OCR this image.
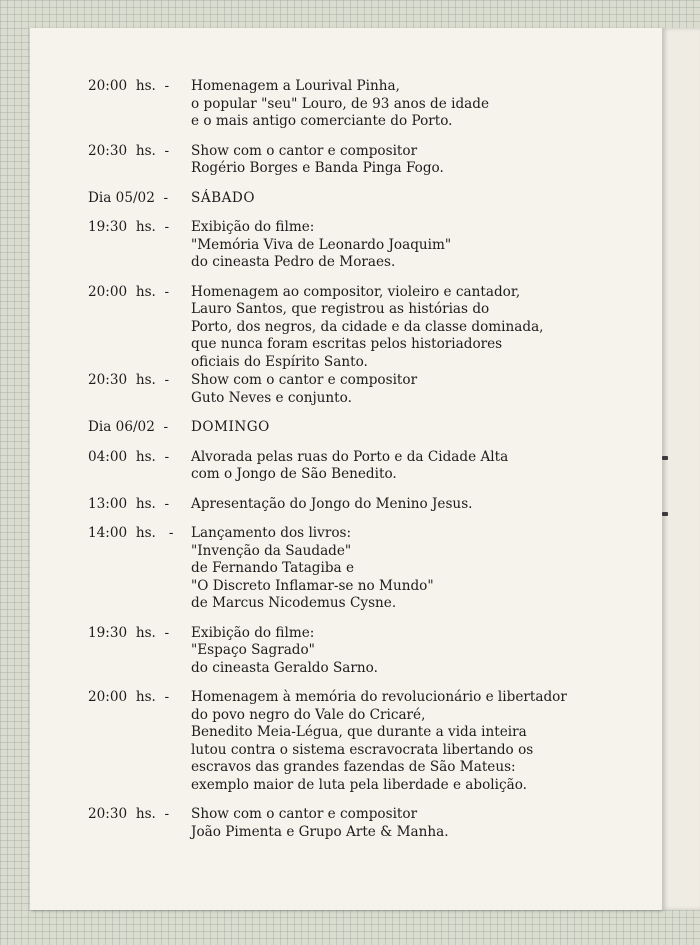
20:00  hs.  -	Homenagem a Lourival Pinha,
o popular "seu" Louro, de 93 anos de idade
e o mais antigo comerciante do Porto.
20:30  hs.  -	Show com o cantor e compositor
Rogério Borges e Banda Pinga Fogo.
Dia 05/02  -	SÁBADO
19:30  hs.  -	Exibição do filme:
"Memória Viva de Leonardo Joaquim"
do cineasta Pedro de Moraes.
20:00  hs.  -	Homenagem ao compositor, violeiro e cantador,
Lauro Santos, que registrou as histórias do
Porto, dos negros, da cidade e da classe dominada,
que nunca foram escritas pelos historiadores
oficiais do Espírito Santo.
20:30  hs.  -	Show com o cantor e compositor
Guto Neves e conjunto.
Dia 06/02  -	DOMINGO
04:00  hs.  -	Alvorada pelas ruas do Porto e da Cidade Alta
com o Jongo de São Benedito.
13:00  hs.  -	Apresentação do Jongo do Menino Jesus.
14:00  hs.   -	Lançamento dos livros:
"Invenção da Saudade"
de Fernando Tatagiba e
"O Discreto Inflamar-se no Mundo"
de Marcus Nicodemus Cysne.
19:30  hs.  -	Exibição do filme:
"Espaço Sagrado"
do cineasta Geraldo Sarno.
20:00  hs.  -	Homenagem à memória do revolucionário e libertador
do povo negro do Vale do Cricaré,
Benedito Meia-Légua, que durante a vida inteira
lutou contra o sistema escravocrata libertando os
escravos das grandes fazendas de São Mateus:
exemplo maior de luta pela liberdade e abolição.
20:30  hs.  -	Show com o cantor e compositor
João Pimenta e Grupo Arte & Manha.
